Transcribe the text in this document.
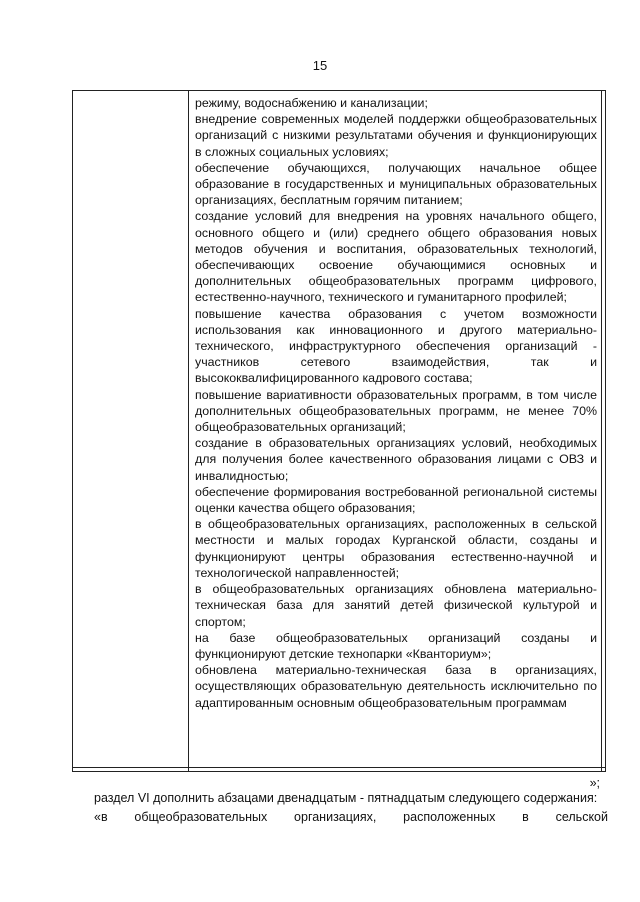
15

режиму, водоснабжению и канализации;

внедрение современных моделей поддержки общеобразовательных организаций с низкими результатами обучения и функционирующих в сложных социальных условиях;

обеспечение обучающихся, получающих начальное общее образование в государственных и муниципальных образовательных организациях, бесплатным горячим питанием;

создание условий для внедрения на уровнях начального общего, основного общего и (или) среднего общего образования новых методов обучения и воспитания, образовательных технологий, обеспечивающих освоение обучающимися основных и дополнительных общеобразовательных программ цифрового, естественно-научного, технического и гуманитарного профилей;

повышение качества образования с учетом возможности использования как инновационного и другого материально-технического, инфраструктурного обеспечения организаций - участников сетевого взаимодействия, так и высококвалифицированного кадрового состава;

повышение вариативности образовательных программ, в том числе дополнительных общеобразовательных программ, не менее 70% общеобразовательных организаций;

создание в образовательных организациях условий, необходимых для получения более качественного образования лицами с ОВЗ и инвалидностью;

обеспечение формирования востребованной региональной системы оценки качества общего образования;

в общеобразовательных организациях, расположенных в сельской местности и малых городах Курганской области, созданы и функционируют центры образования естественно-научной и технологической направленностей;

в общеобразовательных организациях обновлена материально-техническая база для занятий детей физической культурой и спортом;

на базе общеобразовательных организаций созданы и функционируют детские технопарки «Кванториум»;

обновлена материально-техническая база в организациях, осуществляющих образовательную деятельность исключительно по адаптированным основным общеобразовательным программам

»;

раздел VI дополнить абзацами двенадцатым - пятнадцатым следующего содержания:

«в общеобразовательных организациях, расположенных в сельской
